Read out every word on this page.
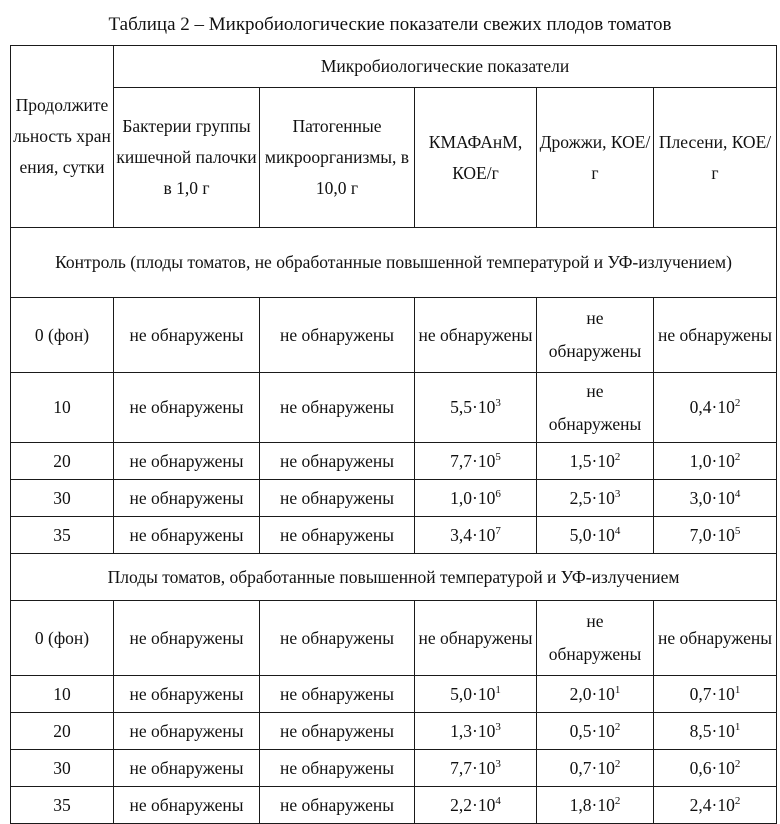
Таблица 2 – Микробиологические показатели свежих плодов томатов
Продолжительность хранения, сутки	Микробиологические показатели				
	Бактерии группы кишечной палочки в 1,0 г	Патогенные микроорганизмы, в 10,0 г	КМАФАнМ, КОЕ/г	Дрожжи, КОЕ/г	Плесени, КОЕ/г
Контроль (плоды томатов, не обработанные повышенной температурой и УФ-излучением)					
0 (фон)	не обнаружены	не обнаружены	не обнаружены	не обнаружены	не обнаружены
10	не обнаружены	не обнаружены	$5,5\cdot 10^3$	не обнаружены	$0,4\cdot 10^2$
20	не обнаружены	не обнаружены	$7,7\cdot 10^5$	$1,5\cdot 10^2$	$1,0\cdot 10^2$
30	не обнаружены	не обнаружены	$1,0\cdot 10^6$	$2,5\cdot 10^3$	$3,0\cdot 10^4$
35	не обнаружены	не обнаружены	$3,4\cdot 10^7$	$5,0\cdot 10^4$	$7,0\cdot 10^5$
Плоды томатов, обработанные повышенной температурой и УФ-излучением					
0 (фон)	не обнаружены	не обнаружены	не обнаружены	не обнаружены	не обнаружены
10	не обнаружены	не обнаружены	$5,0\cdot 10^1$	$2,0\cdot 10^1$	$0,7\cdot 10^1$
20	не обнаружены	не обнаружены	$1,3\cdot 10^3$	$0,5\cdot 10^2$	$8,5\cdot 10^1$
30	не обнаружены	не обнаружены	$7,7\cdot 10^3$	$0,7\cdot 10^2$	$0,6\cdot 10^2$
35	не обнаружены	не обнаружены	$2,2\cdot 10^4$	$1,8\cdot 10^2$	$2,4\cdot 10^2$
